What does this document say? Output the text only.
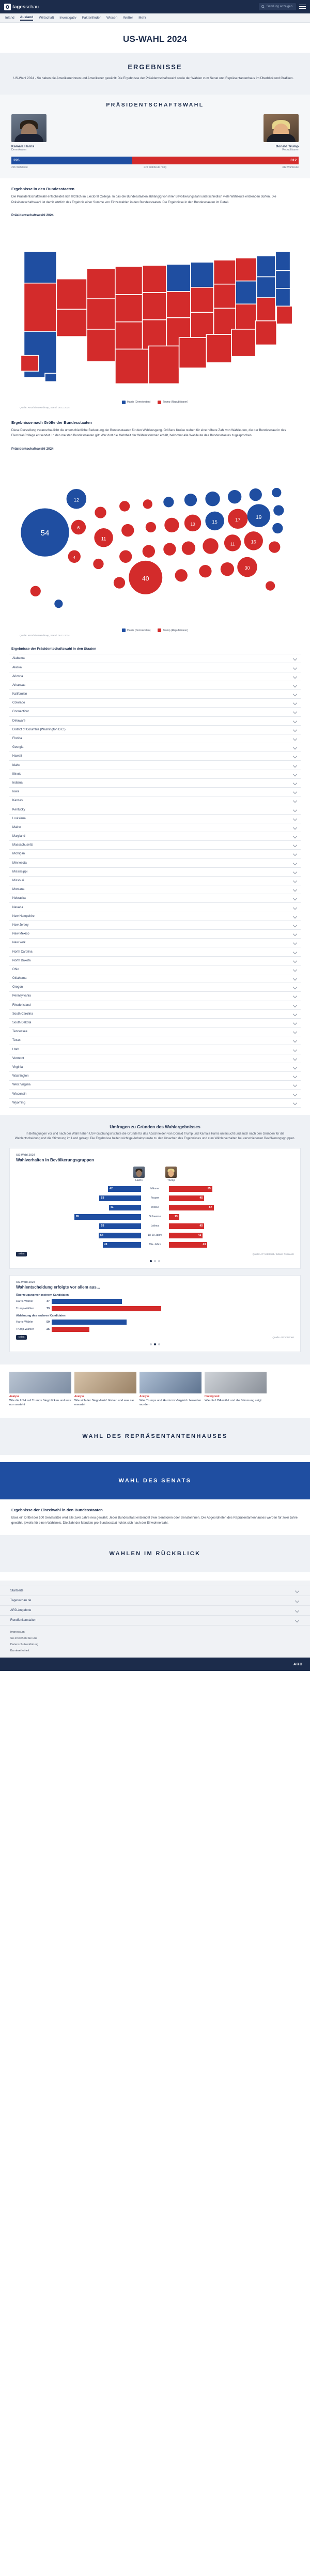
tagesschau	Sendung anzeigen
Inland Ausland Wirtschaft Investigativ Faktenfinder Wissen Wetter Mehr
US-WAHL 2024
ERGEBNISSE

US-Wahl 2024 - So haben die Amerikanerinnen und Amerikaner gewählt: Die Ergebnisse der Präsidentschaftswahl sowie der Wahlen zum Senat und Repräsentantenhaus im Überblick und Grafiken.

PRÄSIDENTSCHAFTSWAHL
Kamala Harris
Demokraten
Donald Trump
Republikaner
226	312
226 Wahlleute	270 Wahlleute nötig	312 Wahlleute
Ergebnisse in den Bundesstaaten

Die Präsidentschaftswahl entscheidet sich letztlich im Electoral College. In das die Bundesstaaten abhängig von ihrer Bevölkerungszahl unterschiedlich viele Wahlleute entsenden dürfen. Die Präsidentschaftswahl ist damit letztlich das Ergebnis einer Summe von Einzelwahlen in den Bundesstaaten. Die Ergebnisse in den Bundesstaaten im Detail.

Präsidentschaftswahl 2024
Harris (Demokraten)	Trump (Republikaner)
Quelle: ARD/Infratest dimap, Stand: 06.11.2024
Ergebnisse nach Größe der Bundesstaaten

Diese Darstellung veranschaulicht die unterschiedliche Bedeutung der Bundesstaaten für den Wahlausgang. Größere Kreise stehen für eine höhere Zahl von Wahlleuten, die der Bundesstaat in das Electoral College entsendet. In den meisten Bundesstaaten gilt: Wer dort die Mehrheit der Wählerstimmen erhält, bekommt alle Wahlleute des Bundesstaates zugesprochen.

Präsidentschaftswahl 2024
54
12
6
4
11
40
10	15	17
11
19
16
30
Harris (Demokraten)	Trump (Republikaner)
Quelle: ARD/Infratest dimap, Stand: 06.11.2024
Ergebnisse der Präsidentschaftswahl in den Staaten
Alabama
Alaska
Arizona
Arkansas
Kalifornien
Colorado
Connecticut
Delaware
District of Columbia (Washington D.C.)
Florida
Georgia
Hawaii
Idaho
Illinois
Indiana
Iowa
Kansas
Kentucky
Louisiana
Maine
Maryland
Massachusetts
Michigan
Minnesota
Mississippi
Missouri
Montana
Nebraska
Nevada
New Hampshire
New Jersey
New Mexico
New York
North Carolina
North Dakota
Ohio
Oklahoma
Oregon
Pennsylvania
Rhode Island
South Carolina
South Dakota
Tennessee
Texas
Utah
Vermont
Virginia
Washington
West Virginia
Wisconsin
Wyoming
Umfragen zu Gründen des Wahlergebnisses

In Befragungen vor und nach der Wahl haben US-Forschungsinstitute die Gründe für das Abschneiden von Donald Trump und Kamala Harris untersucht und auch nach den Gründen für die Wahlentscheidung und die Stimmung im Land gefragt. Die Ergebnisse helfen wichtige Anhaltspunkte zu den Ursachen des Ergebnisses und zum Wählerverhalten bei verschiedenen Bevölkerungsgruppen.

US-Wahl 2024
Wahlverhalten in Bevölkerungsgruppen
Harris	Trump
42	Männer	55
53	Frauen	45
41	Weiße	57
85	Schwarze	13
53	Latinos	45
54	18-29 Jahre	43
49	65+ Jahre	49
teilen	Quelle: AP VoteCast / Edison Research
US-Wahl 2024
Wahlentscheidung erfolgte vor allem aus...
Überzeugung von meinem Kandidaten
Harris-Wähler	47
Trump-Wähler	73
Ablehnung des anderen Kandidaten
Harris-Wähler	50
Trump-Wähler	25
teilen	Quelle: AP VoteCast
Analyse
Wie die USA auf Trumps Sieg blicken und was nun ansteht
Analyse
Wie sich der Sieg Harris' blicken und was sie erwartet
Analyse
Was Trumps und Harris im Vergleich bewerten wurden
Hintergrund
Wie die USA wählt und die Stimmung zeigt
WAHL DES REPRÄSENTANTENHAUSES
WAHL DES SENATS
Ergebnisse der Einzelwahl in den Bundesstaaten

Etwa ein Drittel der 100 Senatssitze wird alle zwei Jahre neu gewählt. Jeder Bundesstaat entsendet zwei Senatoren oder Senatorinnen. Die Abgeordneten des Repräsentantenhauses werden für zwei Jahre gewählt, jeweils für einen Wahlkreis. Die Zahl der Mandate pro Bundesstaat richtet sich nach der Einwohnerzahl.

WAHLEN IM RÜCKBLICK
Startseite
Tagesschau.de
ARD-Angebote
Rundfunkanstalten
Impressum
So erreichen Sie uns
Datenschutzerklärung
Barrierefreiheit
ARD
